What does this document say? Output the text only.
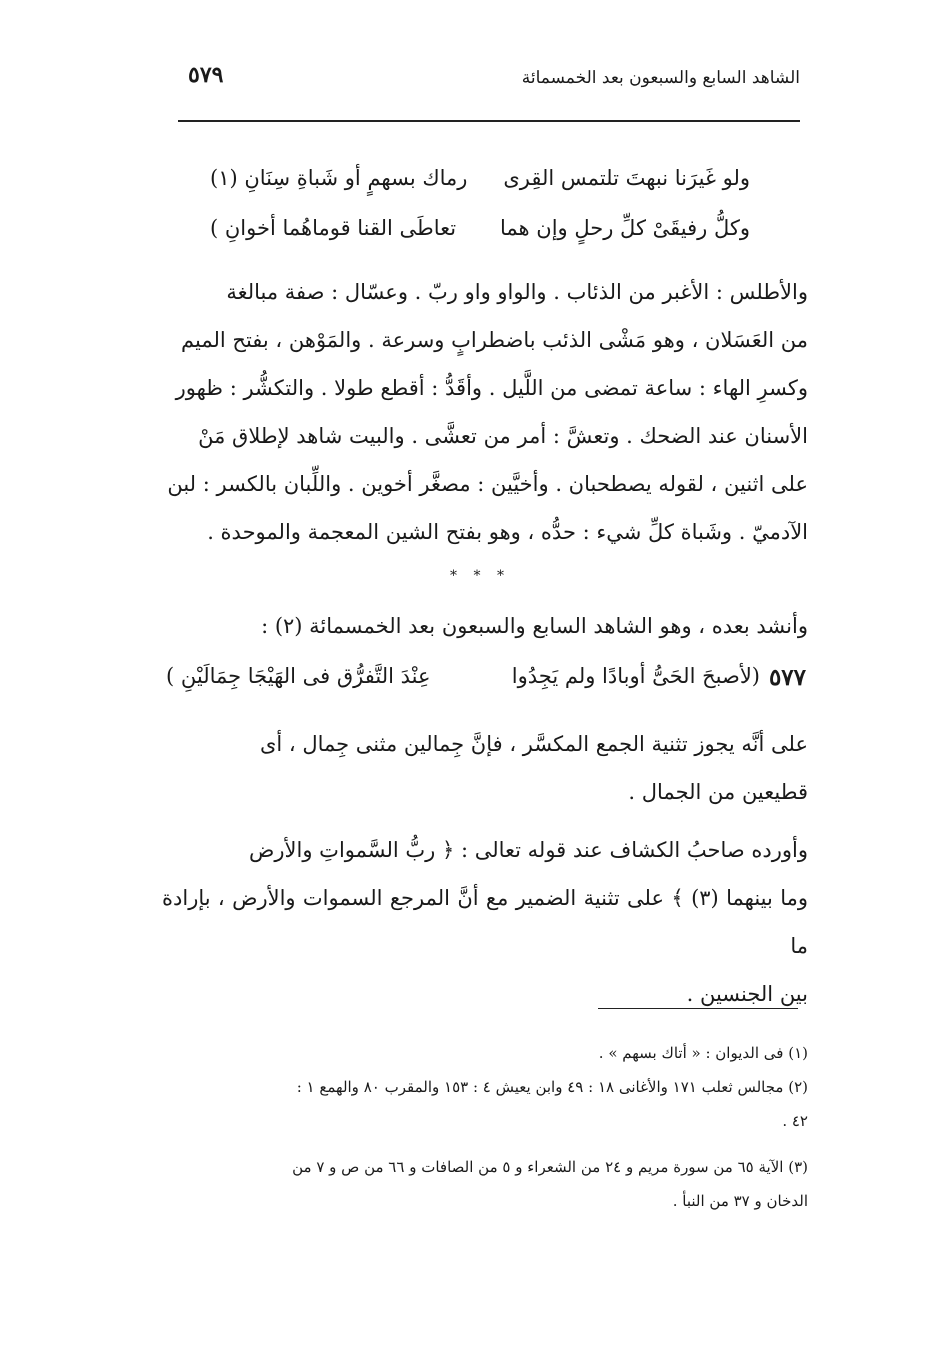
الشاهد السابع والسبعون بعد الخمسمائة
٥٧٩
ولو غَيرَنا نبهتَ تلتمس القِرى
رماك بسهمٍ أو شَباةِ سِنَانِ (١)
وكلُّ رفيقَىْ كلِّ رحلٍ وإن هما
تعاطَى القنا قوماهُما أخوانِ )
والأطلس : الأغبر من الذئاب . والواو واو ربّ . وعسّال : صفة مبالغة
من العَسَلان ، وهو مَشْى الذئب باضطرابٍ وسرعة . والمَوْهن ، بفتح الميم
وكسرِ الهاء : ساعة تمضى من اللَّيل . وأقَدُّ : أقطع طولا . والتكشُّر : ظهور
الأسنان عند الضحك . وتعشَّ : أمر من تعشَّى . والبيت شاهد لإطلاق مَنْ
على اثنين ، لقوله يصطحبان . وأخيَّين : مصغَّر أخوين . واللِّبان بالكسر : لبن
الآدميّ . وشَباة كلِّ شيء : حدُّه ، وهو بفتح الشين المعجمة والموحدة .
* * *
وأنشد بعده ، وهو الشاهد السابع والسبعون بعد الخمسمائة (٢) :
٥٧٧
(لأصبحَ الحَىُّ أوبادًا ولم يَجِدُوا
عِنْدَ التَّفرُّق فى الهَيْجَا جِمَالَيْنِ )
على أنَّه يجوز تثنية الجمع المكسَّر ، فإنَّ جِمالين مثنى جِمال ، أى
قطيعين من الجمال .
وأورده صاحبُ الكشاف عند قوله تعالى : ﴿ ربُّ السَّمواتِ والأرض
وما بينهما (٣) ﴾ على تثنية الضمير مع أنَّ المرجع السموات والأرض ، بإرادة ما
بين الجنسين .
(١) فى الديوان : « أتاك بسهم » .
(٢) مجالس ثعلب ١٧١ والأغانى ١٨ : ٤٩ وابن يعيش ٤ : ١٥٣ والمقرب ٨٠ والهمع ١ :
٤٢ .
(٣) الآية ٦٥ من سورة مريم و ٢٤ من الشعراء و ٥ من الصافات و ٦٦ من ص و ٧ من
الدخان و ٣٧ من النبأ .
